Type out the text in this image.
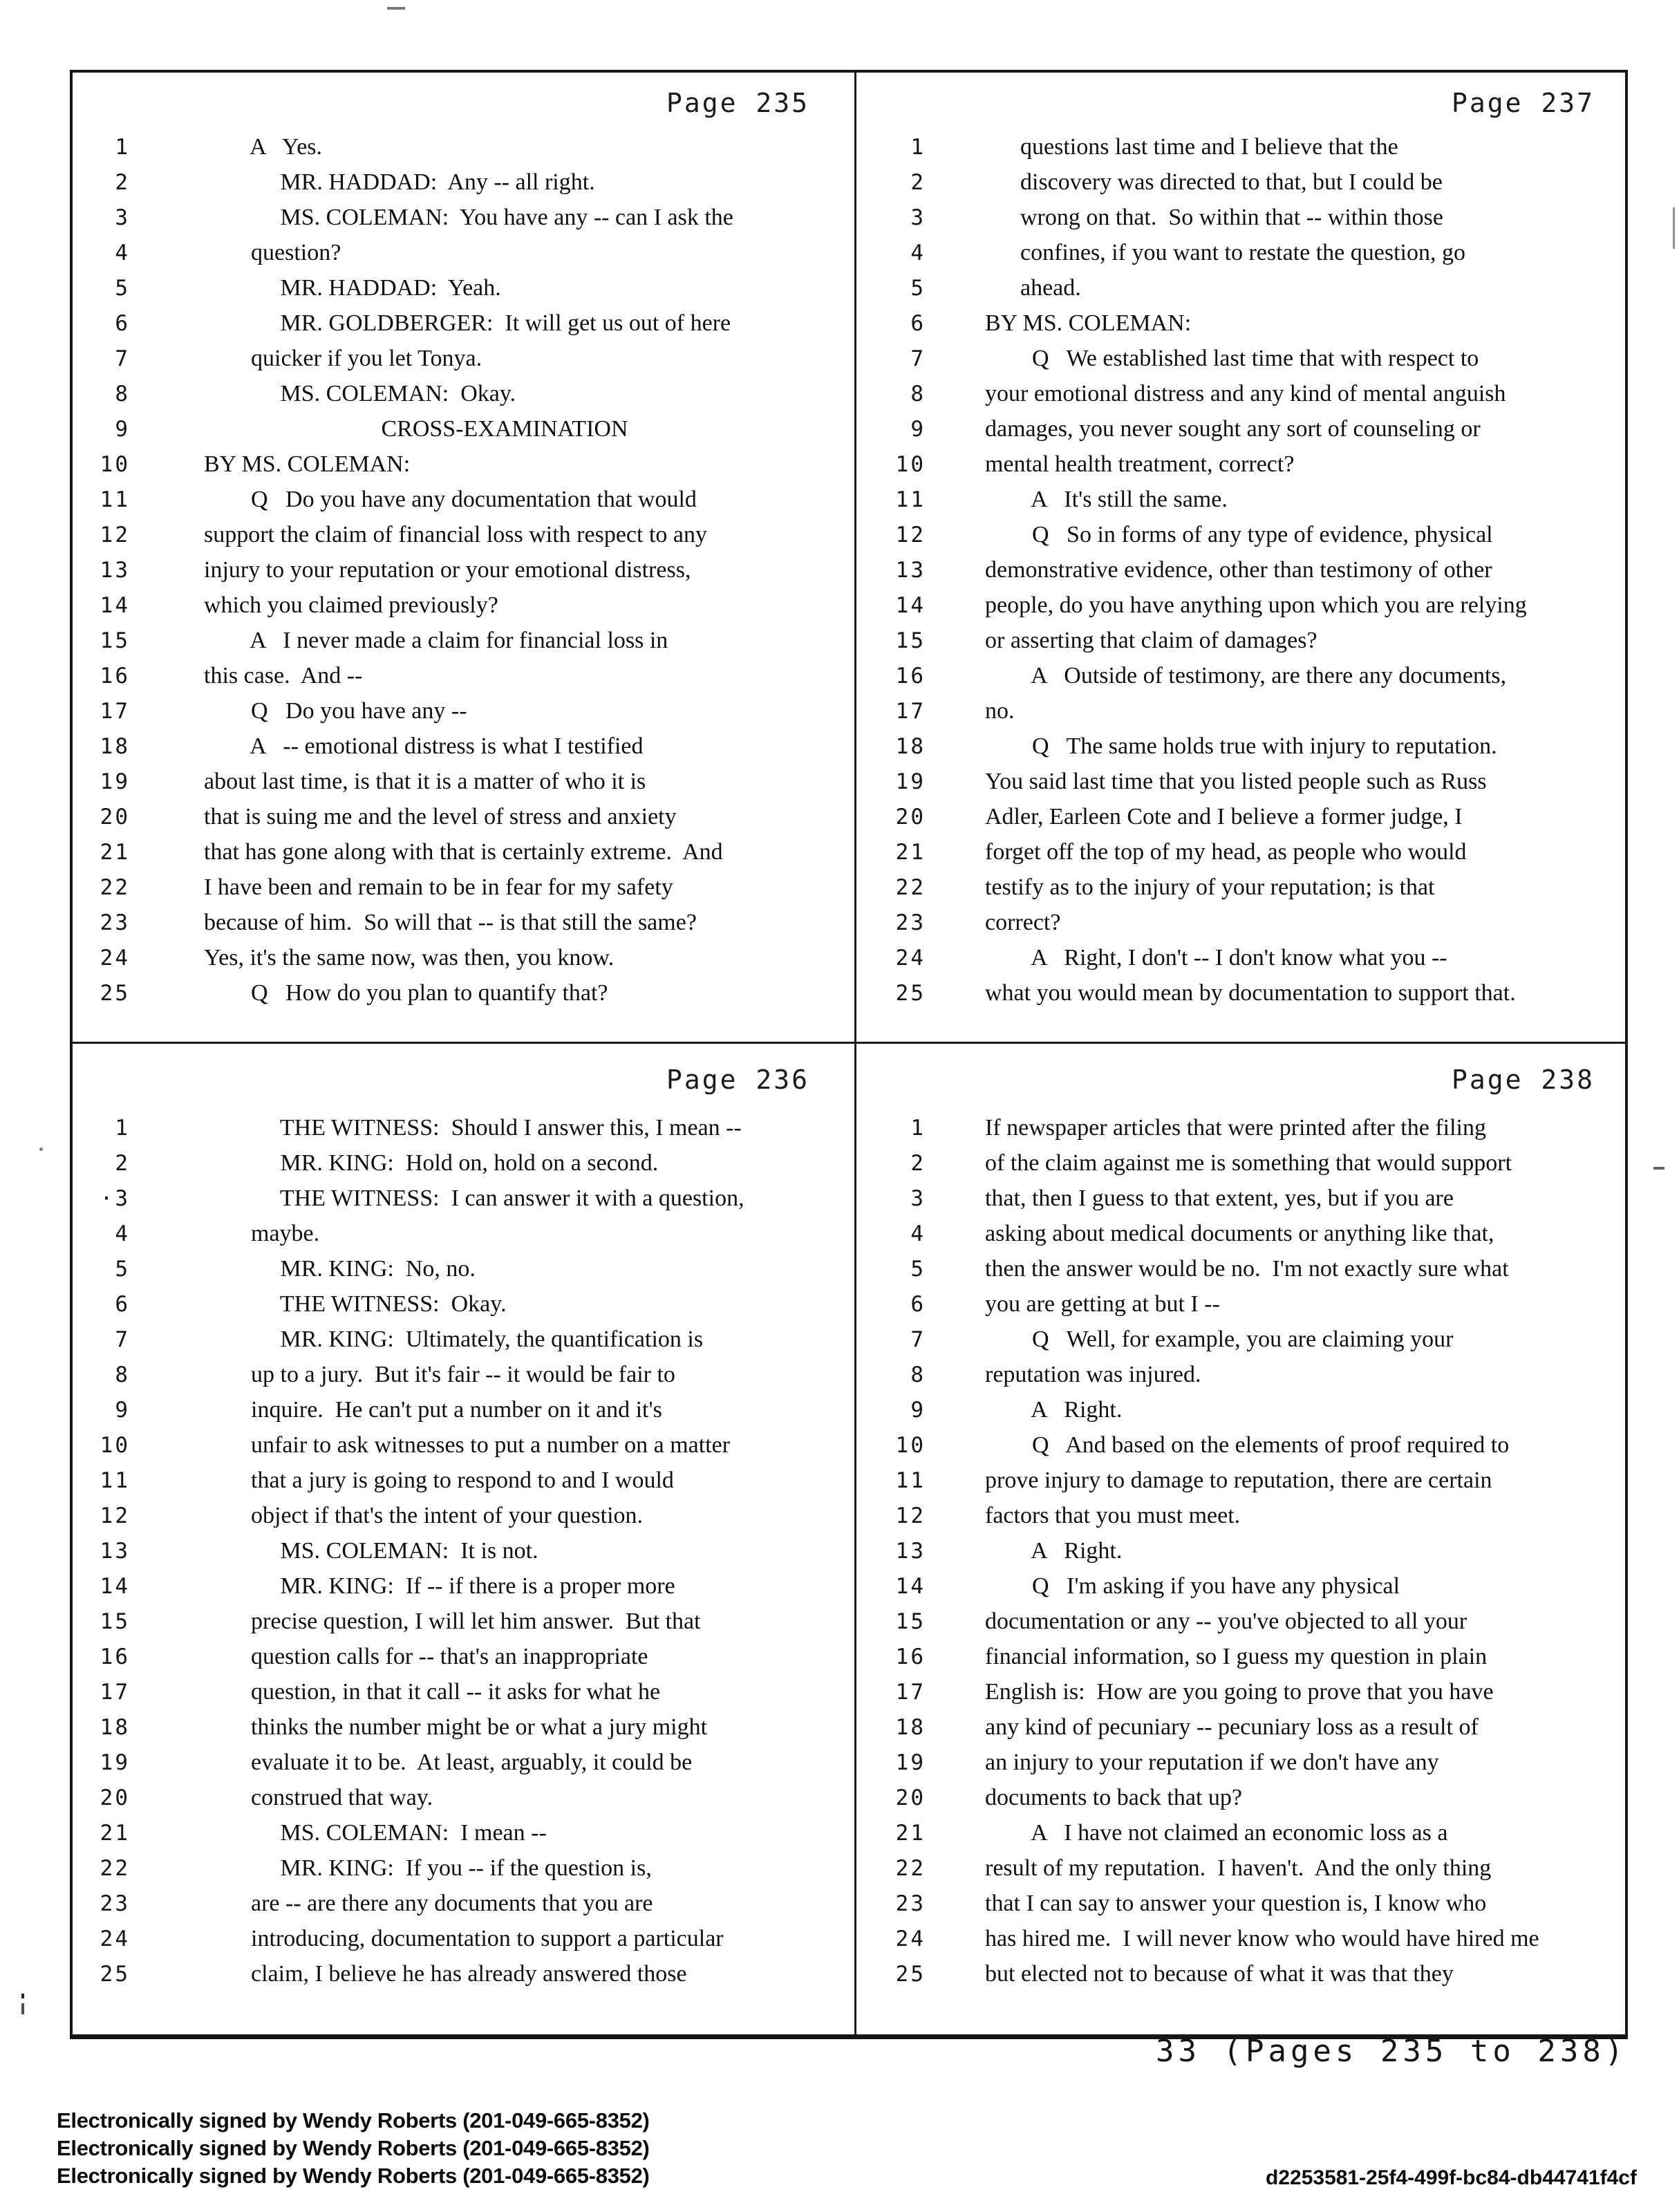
Page 235
1	A   Yes.
2	MR. HADDAD:  Any -- all right.
3	MS. COLEMAN:  You have any -- can I ask the
4	question?
5	MR. HADDAD:  Yeah.
6	MR. GOLDBERGER:  It will get us out of here
7	quicker if you let Tonya.
8	MS. COLEMAN:  Okay.
9	CROSS-EXAMINATION
10	BY MS. COLEMAN:
11	Q   Do you have any documentation that would
12	support the claim of financial loss with respect to any
13	injury to your reputation or your emotional distress,
14	which you claimed previously?
15	A   I never made a claim for financial loss in
16	this case.  And --
17	Q   Do you have any --
18	A   -- emotional distress is what I testified
19	about last time, is that it is a matter of who it is
20	that is suing me and the level of stress and anxiety
21	that has gone along with that is certainly extreme.  And
22	I have been and remain to be in fear for my safety
23	because of him.  So will that -- is that still the same?
24	Yes, it's the same now, was then, you know.
25	Q   How do you plan to quantify that?
Page 237
1	questions last time and I believe that the
2	discovery was directed to that, but I could be
3	wrong on that.  So within that -- within those
4	confines, if you want to restate the question, go
5	ahead.
6	BY MS. COLEMAN:
7	Q   We established last time that with respect to
8	your emotional distress and any kind of mental anguish
9	damages, you never sought any sort of counseling or
10	mental health treatment, correct?
11	A   It's still the same.
12	Q   So in forms of any type of evidence, physical
13	demonstrative evidence, other than testimony of other
14	people, do you have anything upon which you are relying
15	or asserting that claim of damages?
16	A   Outside of testimony, are there any documents,
17	no.
18	Q   The same holds true with injury to reputation.
19	You said last time that you listed people such as Russ
20	Adler, Earleen Cote and I believe a former judge, I
21	forget off the top of my head, as people who would
22	testify as to the injury of your reputation; is that
23	correct?
24	A   Right, I don't -- I don't know what you --
25	what you would mean by documentation to support that.
Page 236
1	THE WITNESS:  Should I answer this, I mean --
2	MR. KING:  Hold on, hold on a second.
·3	THE WITNESS:  I can answer it with a question,
4	maybe.
5	MR. KING:  No, no.
6	THE WITNESS:  Okay.
7	MR. KING:  Ultimately, the quantification is
8	up to a jury.  But it's fair -- it would be fair to
9	inquire.  He can't put a number on it and it's
10	unfair to ask witnesses to put a number on a matter
11	that a jury is going to respond to and I would
12	object if that's the intent of your question.
13	MS. COLEMAN:  It is not.
14	MR. KING:  If -- if there is a proper more
15	precise question, I will let him answer.  But that
16	question calls for -- that's an inappropriate
17	question, in that it call -- it asks for what he
18	thinks the number might be or what a jury might
19	evaluate it to be.  At least, arguably, it could be
20	construed that way.
21	MS. COLEMAN:  I mean --
22	MR. KING:  If you -- if the question is,
23	are -- are there any documents that you are
24	introducing, documentation to support a particular
25	claim, I believe he has already answered those
Page 238
1	If newspaper articles that were printed after the filing
2	of the claim against me is something that would support
3	that, then I guess to that extent, yes, but if you are
4	asking about medical documents or anything like that,
5	then the answer would be no.  I'm not exactly sure what
6	you are getting at but I --
7	Q   Well, for example, you are claiming your
8	reputation was injured.
9	A   Right.
10	Q   And based on the elements of proof required to
11	prove injury to damage to reputation, there are certain
12	factors that you must meet.
13	A   Right.
14	Q   I'm asking if you have any physical
15	documentation or any -- you've objected to all your
16	financial information, so I guess my question in plain
17	English is:  How are you going to prove that you have
18	any kind of pecuniary -- pecuniary loss as a result of
19	an injury to your reputation if we don't have any
20	documents to back that up?
21	A   I have not claimed an economic loss as a
22	result of my reputation.  I haven't.  And the only thing
23	that I can say to answer your question is, I know who
24	has hired me.  I will never know who would have hired me
25	but elected not to because of what it was that they
33 (Pages 235 to 238)
Electronically signed by Wendy Roberts (201-049-665-8352)
Electronically signed by Wendy Roberts (201-049-665-8352)
Electronically signed by Wendy Roberts (201-049-665-8352)	d2253581-25f4-499f-bc84-db44741f4cf
